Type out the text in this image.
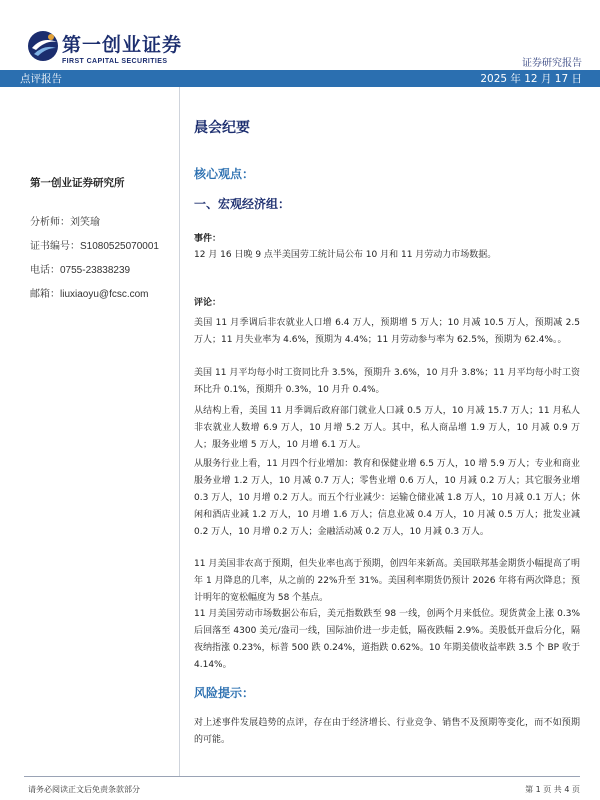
第一创业证券
FIRST CAPITAL SECURITIES	证券研究报告
点评报告	2025 年 12 月 17 日
第一创业证券研究所
分析师：刘笑瑜
证书编号：S1080525070001
电话：0755-23838239
邮箱：liuxiaoyu@fcsc.com
晨会纪要
核心观点：
一、宏观经济组：
事件：
12 月 16 日晚 9 点半美国劳工统计局公布 10 月和 11 月劳动力市场数据。
评论：
美国 11 月季调后非农就业人口增 6.4 万人，预期增 5 万人；10 月减 10.5 万人，预期减 2.5 万人；11 月失业率为 4.6%，预期为 4.4%；11 月劳动参与率为 62.5%，预期为 62.4%。。
美国 11 月平均每小时工资同比升 3.5%，预期升 3.6%，10 月升 3.8%；11 月平均每小时工资环比升 0.1%，预期升 0.3%，10 月升 0.4%。
从结构上看，美国 11 月季调后政府部门就业人口减 0.5 万人，10 月减 15.7 万人；11 月私人非农就业人数增 6.9 万人，10 月增 5.2 万人。其中，私人商品增 1.9 万人，10 月减 0.9 万人；服务业增 5 万人，10 月增 6.1 万人。
从服务行业上看，11 月四个行业增加：教育和保健业增 6.5 万人，10 增 5.9 万人；专业和商业服务业增 1.2 万人，10 月减 0.7 万人；零售业增 0.6 万人，10 月减 0.2 万人；其它服务业增 0.3 万人，10 月增 0.2 万人。而五个行业减少：运输仓储业减 1.8 万人，10 月减 0.1 万人；休闲和酒店业减 1.2 万人，10 月增 1.6 万人；信息业减 0.4 万人，10 月减 0.5 万人；批发业减 0.2 万人，10 月增 0.2 万人；金融活动减 0.2 万人，10 月减 0.3 万人。
11 月美国非农高于预期，但失业率也高于预期，创四年来新高。美国联邦基金期货小幅提高了明年 1 月降息的几率，从之前的 22%升至 31%。美国利率期货仍预计 2026 年将有两次降息；预计明年的宽松幅度为 58 个基点。
11 月美国劳动市场数据公布后，美元指数跌至 98 一线，创两个月来低位。现货黄金上涨 0.3%后回落至 4300 美元/盎司一线，国际油价进一步走低，隔夜跌幅 2.9%。美股低开盘后分化，隔夜纳指涨 0.23%，标普 500 跌 0.24%，道指跌 0.62%。10 年期美债收益率跌 3.5 个 BP 收于 4.14%。
风险提示：
对上述事件发展趋势的点评，存在由于经济增长、行业竞争、销售不及预期等变化，而不如预期的可能。
请务必阅读正文后免责条款部分	第 1 页 共 4 页
